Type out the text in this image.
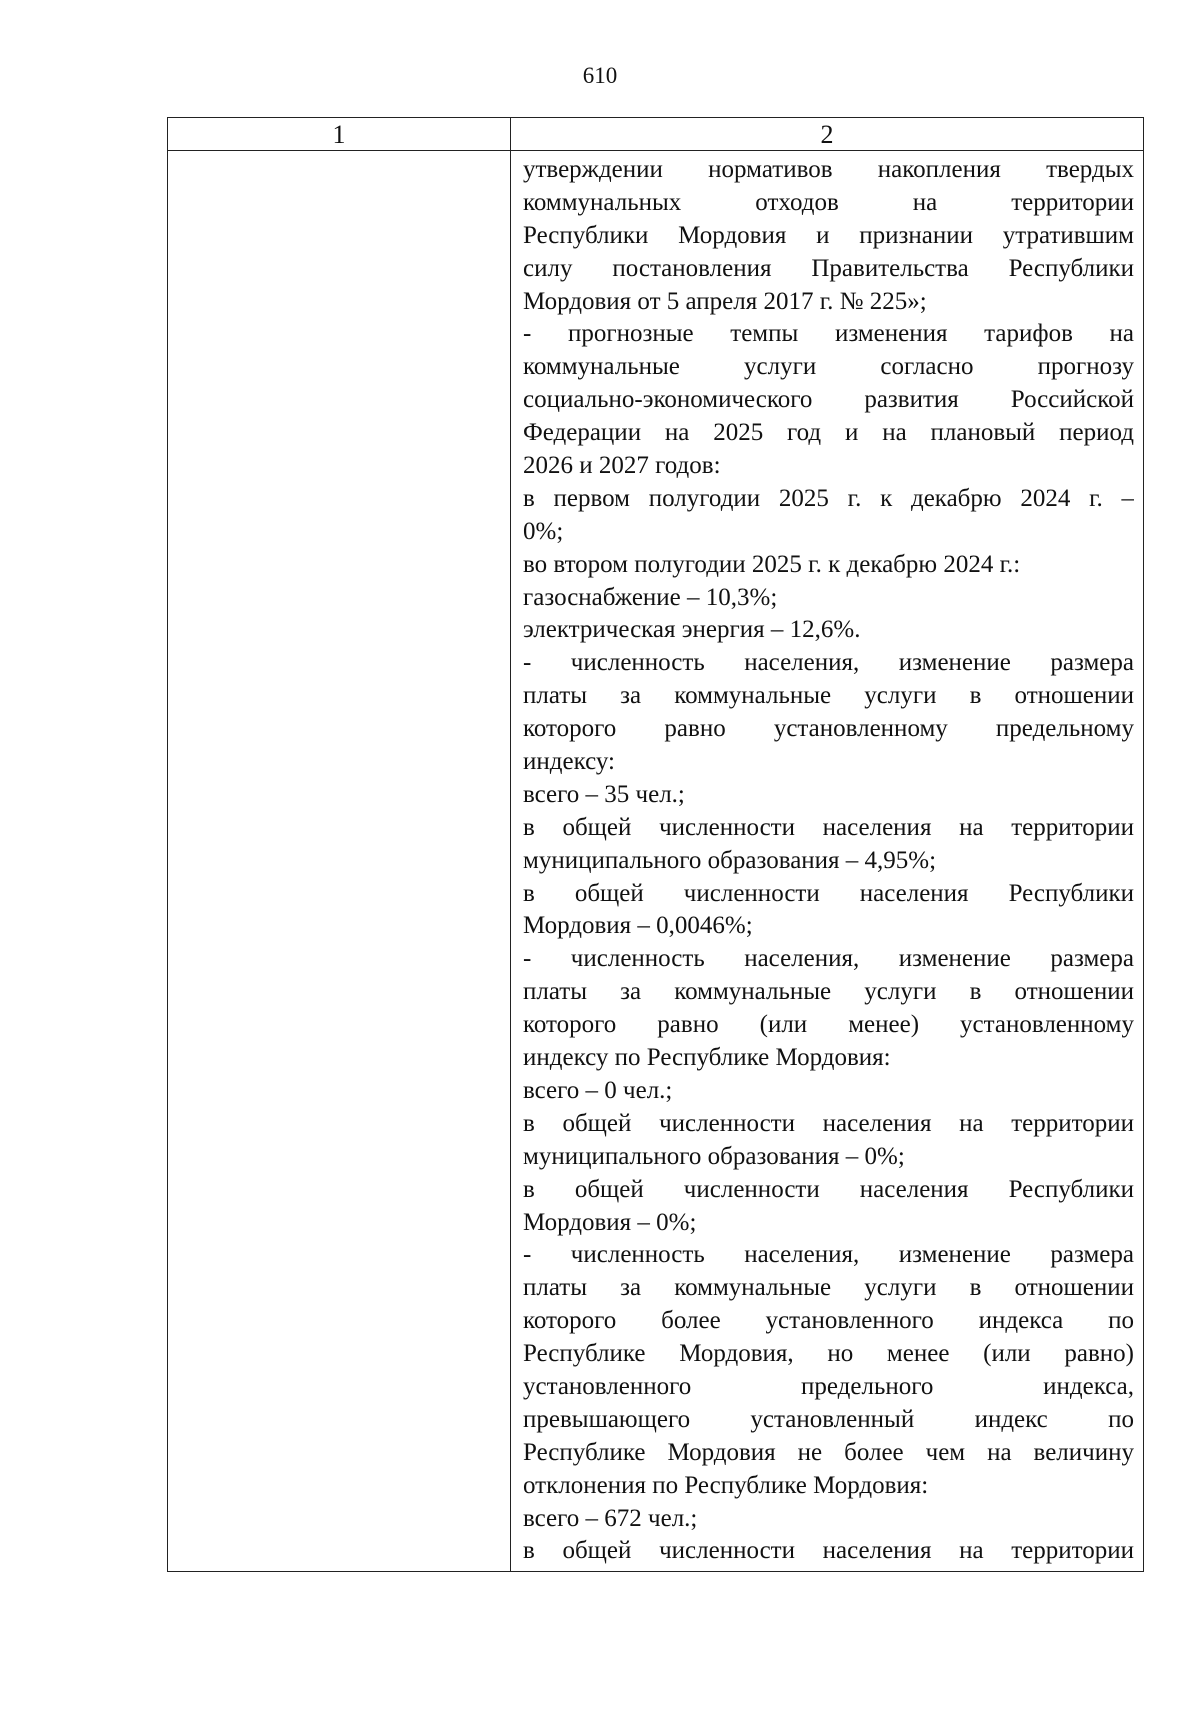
610
1	2
утверждении нормативов накопления твердых
коммунальных отходов на территории
Республики Мордовия и признании утратившим
силу постановления Правительства Республики
Мордовия от 5 апреля 2017 г. № 225»;
- прогнозные темпы изменения тарифов на
коммунальные услуги согласно прогнозу
социально-экономического развития Российской
Федерации на 2025 год и на плановый период
2026 и 2027 годов:
в первом полугодии 2025 г. к декабрю 2024 г. –
0%;
во втором полугодии 2025 г. к декабрю 2024 г.:
газоснабжение – 10,3%;
электрическая энергия – 12,6%.
- численность населения, изменение размера
платы за коммунальные услуги в отношении
которого равно установленному предельному
индексу:
всего – 35 чел.;
в общей численности населения на территории
муниципального образования – 4,95%;
в общей численности населения Республики
Мордовия – 0,0046%;
- численность населения, изменение размера
платы за коммунальные услуги в отношении
которого равно (или менее) установленному
индексу по Республике Мордовия:
всего – 0 чел.;
в общей численности населения на территории
муниципального образования – 0%;
в общей численности населения Республики
Мордовия – 0%;
- численность населения, изменение размера
платы за коммунальные услуги в отношении
которого более установленного индекса по
Республике Мордовия, но менее (или равно)
установленного предельного индекса,
превышающего установленный индекс по
Республике Мордовия не более чем на величину
отклонения по Республике Мордовия:
всего – 672 чел.;
в общей численности населения на территории
